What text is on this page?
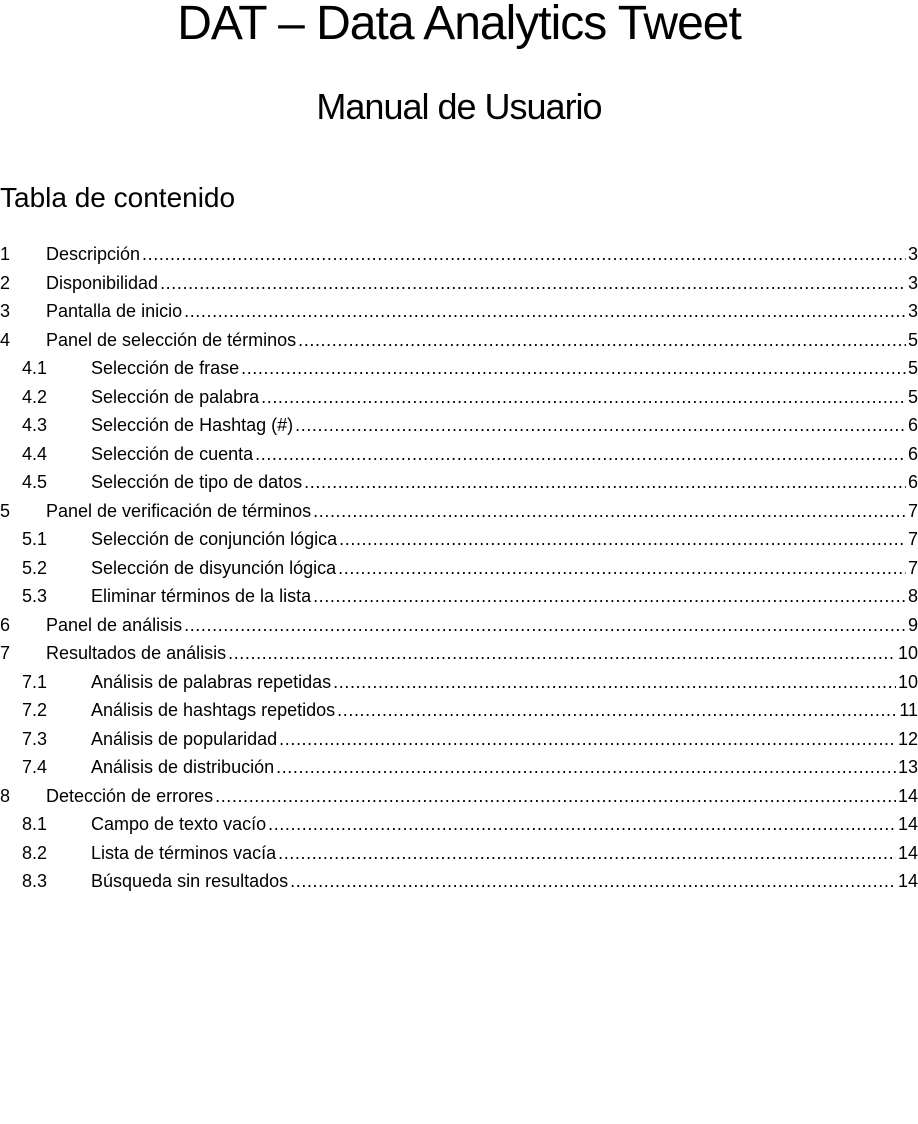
DAT – Data Analytics Tweet
Manual de Usuario
Tabla de contenido
1	Descripción .....	3
2	Disponibilidad .....	3
3	Pantalla de inicio .....	3
4	Panel de selección de términos .....	5
4.1	Selección de frase .....	5
4.2	Selección de palabra .....	5
4.3	Selección de Hashtag (#) .....	6
4.4	Selección de cuenta .....	6
4.5	Selección de tipo de datos .....	6
5	Panel de verificación de términos .....	7
5.1	Selección de conjunción lógica .....	7
5.2	Selección de disyunción lógica .....	7
5.3	Eliminar términos de la lista .....	8
6	Panel de análisis .....	9
7	Resultados de análisis .....	10
7.1	Análisis de palabras repetidas .....	10
7.2	Análisis de hashtags repetidos .....	11
7.3	Análisis de popularidad .....	12
7.4	Análisis de distribución .....	13
8	Detección de errores .....	14
8.1	Campo de texto vacío .....	14
8.2	Lista de términos vacía .....	14
8.3	Búsqueda sin resultados .....	14
